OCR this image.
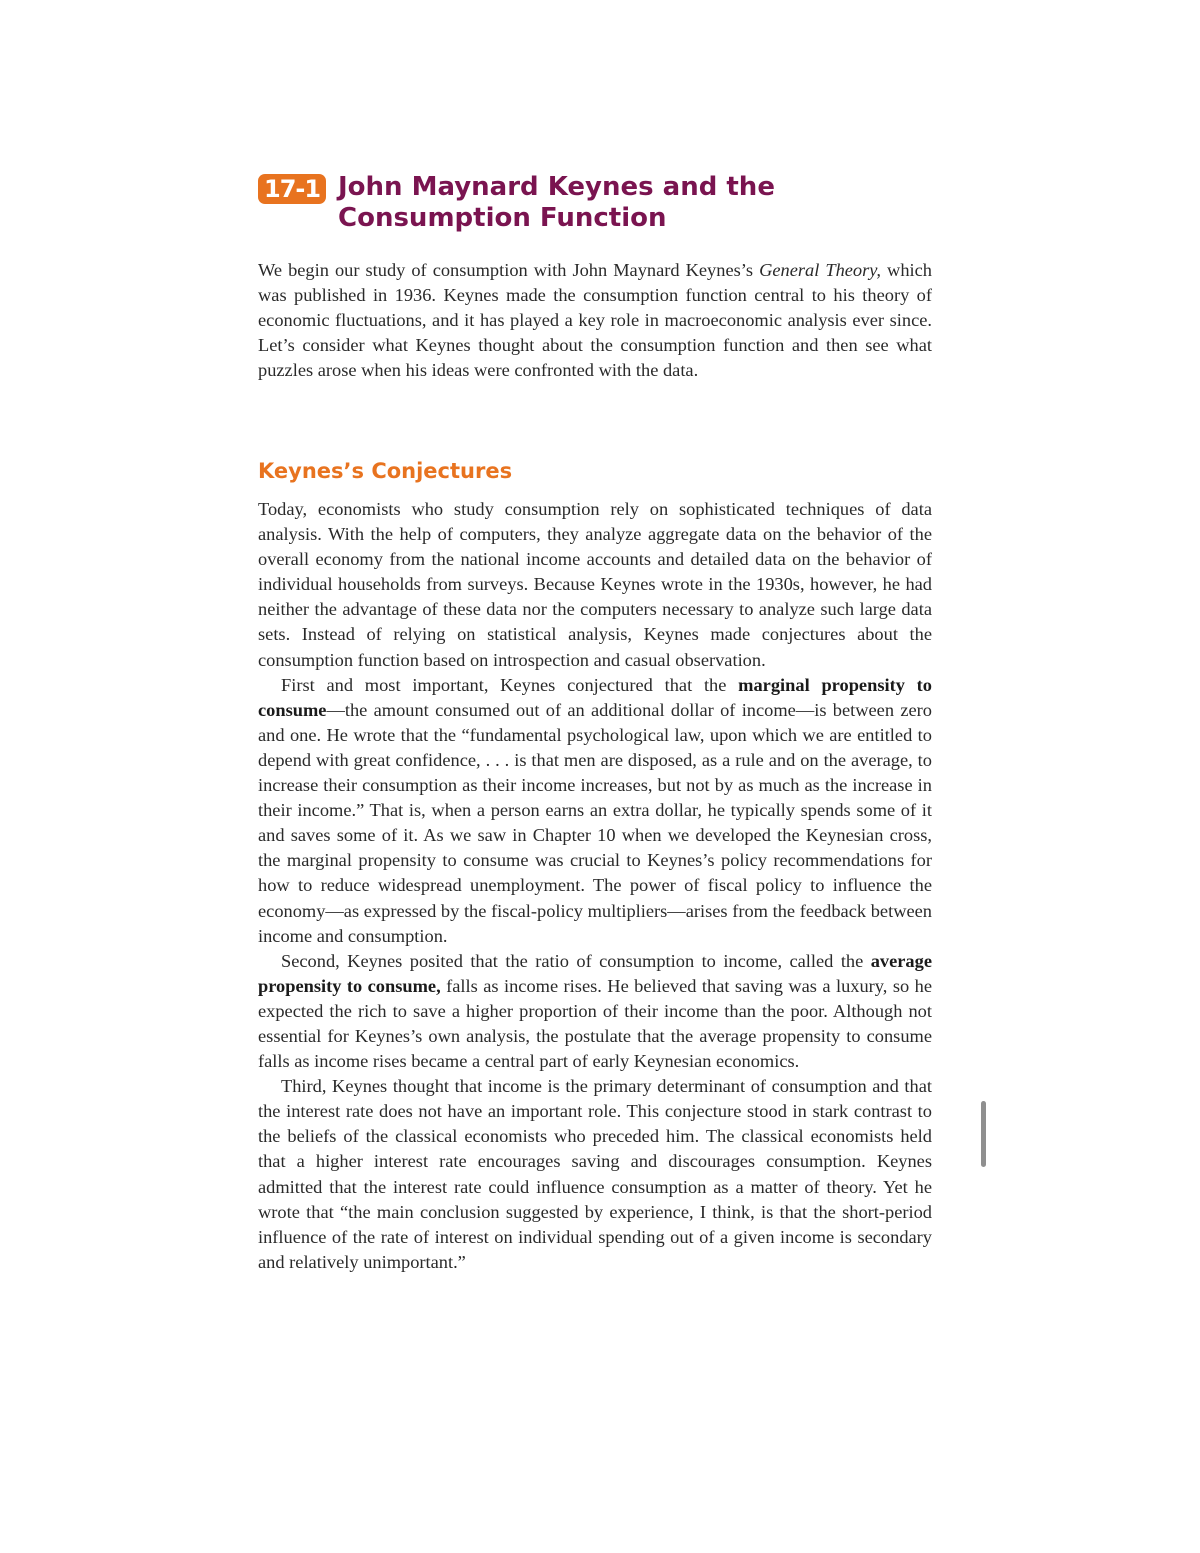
17-1 John Maynard Keynes and the Consumption Function

We begin our study of consumption with John Maynard Keynes’s General Theory, which was published in 1936. Keynes made the consumption function central to his theory of economic fluctuations, and it has played a key role in macroeconomic analysis ever since. Let’s consider what Keynes thought about the consumption function and then see what puzzles arose when his ideas were confronted with the data.

Keynes’s Conjectures

Today, economists who study consumption rely on sophisticated techniques of data analysis. With the help of computers, they analyze aggregate data on the behavior of the overall economy from the national income accounts and detailed data on the behavior of individual households from surveys. Because Keynes wrote in the 1930s, however, he had neither the advantage of these data nor the computers necessary to analyze such large data sets. Instead of relying on statistical analysis, Keynes made conjectures about the consumption function based on introspection and casual observation.

First and most important, Keynes conjectured that the marginal propensity to consume—the amount consumed out of an additional dollar of income—is between zero and one. He wrote that the “fundamental psychological law, upon which we are entitled to depend with great confidence, . . . is that men are disposed, as a rule and on the average, to increase their consumption as their income increases, but not by as much as the increase in their income.” That is, when a person earns an extra dollar, he typically spends some of it and saves some of it. As we saw in Chapter 10 when we developed the Keynesian cross, the marginal propensity to consume was crucial to Keynes’s policy recommendations for how to reduce widespread unemployment. The power of fiscal policy to influence the economy—as expressed by the fiscal-policy multipliers—arises from the feedback between income and consumption.

Second, Keynes posited that the ratio of consumption to income, called the average propensity to consume, falls as income rises. He believed that saving was a luxury, so he expected the rich to save a higher proportion of their income than the poor. Although not essential for Keynes’s own analysis, the postulate that the average propensity to consume falls as income rises became a central part of early Keynesian economics.

Third, Keynes thought that income is the primary determinant of consumption and that the interest rate does not have an important role. This conjecture stood in stark contrast to the beliefs of the classical economists who preceded him. The classical economists held that a higher interest rate encourages saving and discourages consumption. Keynes admitted that the interest rate could influence consumption as a matter of theory. Yet he wrote that “the main conclusion suggested by experience, I think, is that the short-period influence of the rate of interest on individual spending out of a given income is secondary and relatively unimportant.”
